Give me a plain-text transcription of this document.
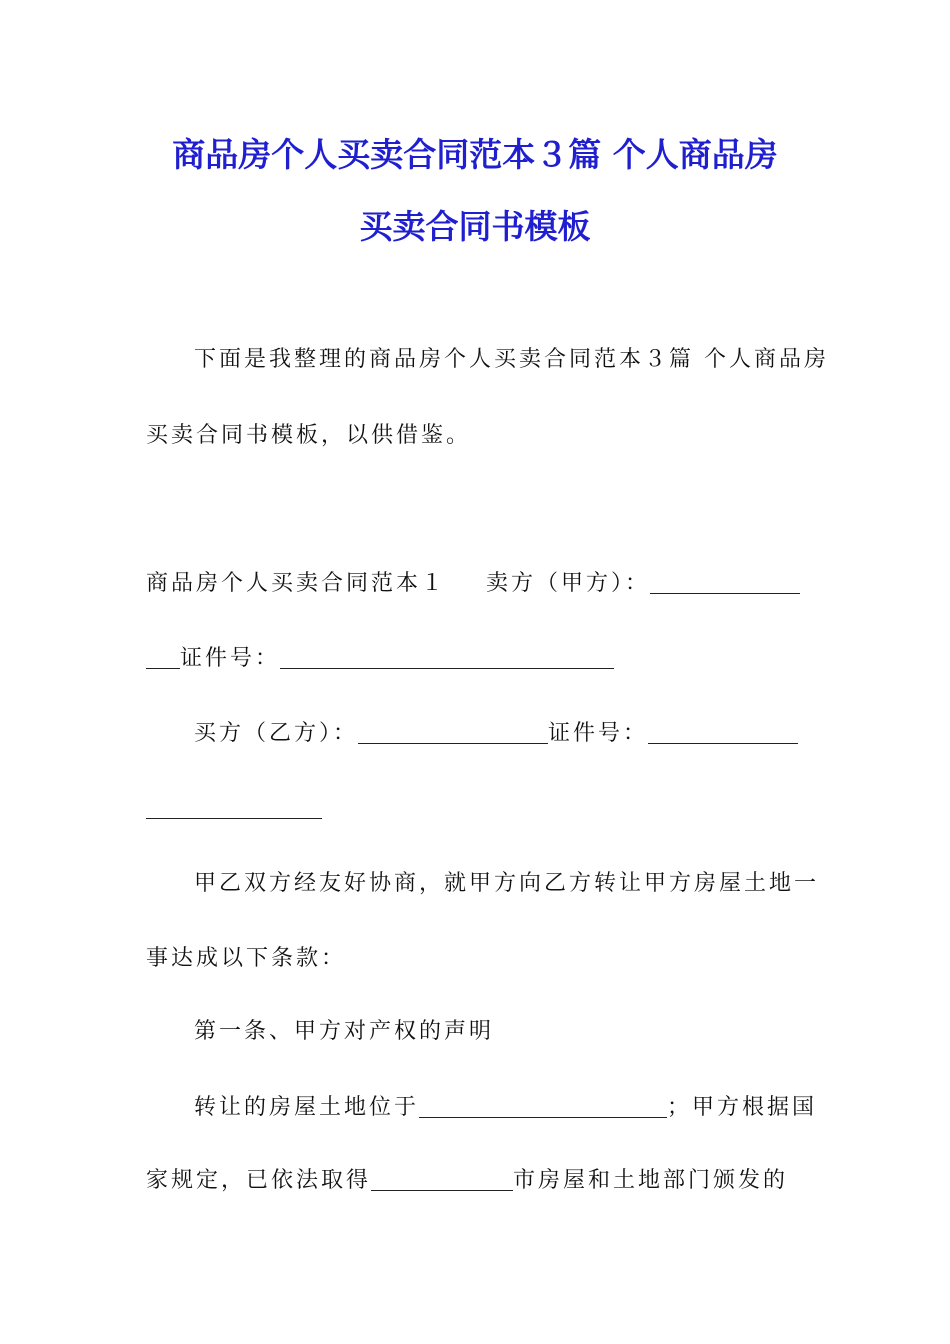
商品房个人买卖合同范本３篇 个人商品房
买卖合同书模板
下面是我整理的商品房个人买卖合同范本３篇 个人商品房
买卖合同书模板，以供借鉴。
商品房个人买卖合同范本１ 卖方（甲方）：
证件号：
买方（乙方）：	证件号：
甲乙双方经友好协商，就甲方向乙方转让甲方房屋土地一
事达成以下条款：
第一条、甲方对产权的声明
转让的房屋土地位于	；甲方根据国
家规定，已依法取得	市房屋和土地部门颁发的
